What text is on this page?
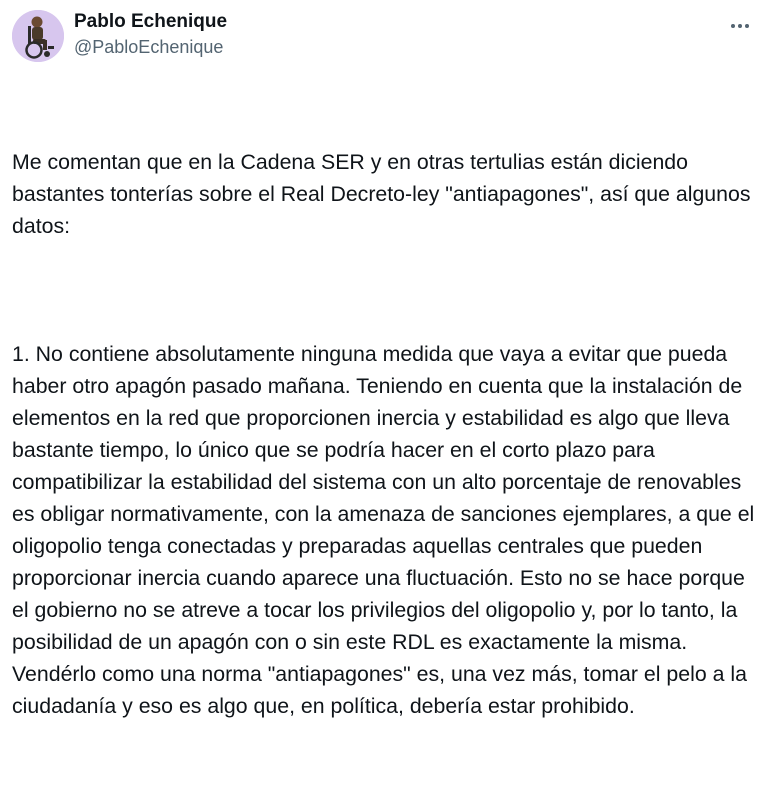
Pablo Echenique
@PabloEchenique

Me comentan que en la Cadena SER y en otras tertulias están diciendo bastantes tonterías sobre el Real Decreto-ley "antiapagones", así que algunos datos:

1. No contiene absolutamente ninguna medida que vaya a evitar que pueda haber otro apagón pasado mañana. Teniendo en cuenta que la instalación de elementos en la red que proporcionen inercia y estabilidad es algo que lleva bastante tiempo, lo único que se podría hacer en el corto plazo para compatibilizar la estabilidad del sistema con un alto porcentaje de renovables es obligar normativamente, con la amenaza de sanciones ejemplares, a que el oligopolio tenga conectadas y preparadas aquellas centrales que pueden proporcionar inercia cuando aparece una fluctuación. Esto no se hace porque el gobierno no se atreve a tocar los privilegios del oligopolio y, por lo tanto, la posibilidad de un apagón con o sin este RDL es exactamente la misma. Vendérlo como una norma "antiapagones" es, una vez más, tomar el pelo a la ciudadanía y eso es algo que, en política, debería estar prohibido.
